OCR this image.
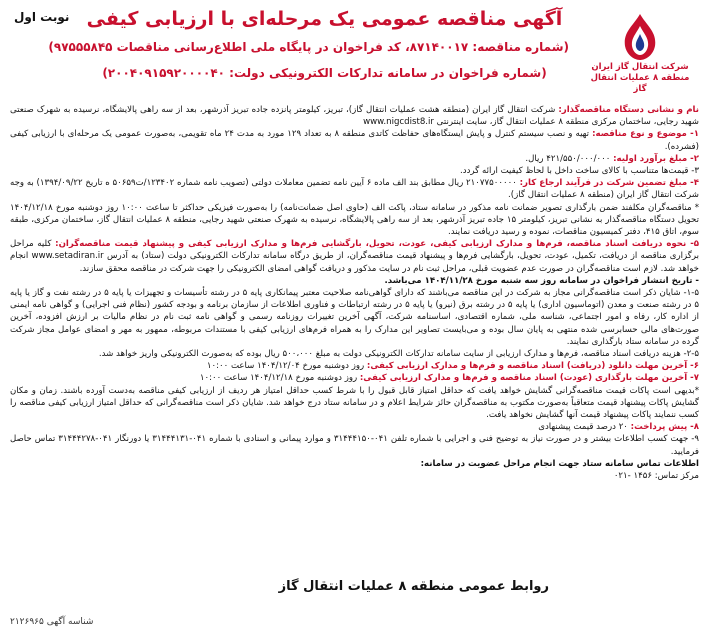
نوبت اول آگهی مناقصه عمومی یک مرحله‌ای با ارزیابی کیفی
(شماره مناقصه: ۸۷۱۴۰۰۱۷، کد فراخوان در پایگاه ملی اطلاع‌رسانی مناقصات ۹۷۵۵۵۸۴۵)
(شماره فراخوان در سامانه تدارکات الکترونیکی دولت: ۲۰۰۴۰۹۱۵۹۲۰۰۰۰۴۰)	شرکت انتقال گاز ایران
منطقه ۸ عملیات انتقال گاز

نام و نشانی دستگاه مناقصه‌گذار: شرکت انتقال گاز ایران (منطقه هشت عملیات انتقال گاز)، تبریز، کیلومتر پانزده جاده تبریز آذرشهر، بعد از سه راهی پالایشگاه، نرسیده به شهرک صنعتی شهید رجایی، ساختمان مرکزی منطقه ۸ عملیات انتقال گاز، سایت اینترنتی www.nigcdist8.ir

۱- موضوع و نوع مناقصه: تهیه و نصب سیستم کنترل و پایش ایستگاه‌های حفاظت کاتدی منطقه ۸ به تعداد ۱۲۹ مورد به مدت ۲۴ ماه تقویمی، به‌صورت عمومی یک مرحله‌ای با ارزیابی کیفی (فشرده).

۲- مبلغ برآورد اولیه: ۴۲۱/۵۵۰/۰۰۰/۰۰۰ ریال.

۳- قیمت‌ها متناسب با کالای ساخت داخل با لحاظ کیفیت ارائه گردد.

۴- مبلغ تضمین شرکت در فرآیند ارجاع کار: ۲۱۰۷۷۵۰۰۰۰۰ ریال مطابق بند الف ماده ۶ آیین نامه تضمین معاملات دولتی (تصویب نامه شماره ۱۲۳۴۰۲/ت۵۰۶۵۹ ه تاریخ ۱۳۹۴/۰۹/۲۲) به وجه شرکت انتقال گاز ایران (منطقه ۸ عملیات انتقال گاز).

* مناقصه‌گران مکلفند ضمن بارگذاری تصویر ضمانت نامه مذکور در سامانه ستاد، پاکت الف (حاوی اصل ضمانت‌نامه) را به‌صورت فیزیکی حداکثر تا ساعت ۱۰:۰۰ روز دوشنبه مورخ ۱۴۰۴/۱۲/۱۸ تحویل دستگاه مناقصه‌گذار به نشانی تبریز، کیلومتر ۱۵ جاده تبریز آذرشهر، بعد از سه راهی پالایشگاه، نرسیده به شهرک صنعتی شهید رجایی، منطقه ۸ عملیات انتقال گاز، ساختمان مرکزی، طبقه سوم، اتاق ۴۱۵، دفتر کمیسیون مناقصات، نموده و رسید دریافت نمایند.

۵- نحوه دریافت اسناد مناقصه، فرم‌ها و مدارک ارزیابی کیفی، عودت، تحویل، بارگشایی فرم‌ها و مدارک ارزیابی کیفی و پیشنهاد قیمت مناقصه‌گران: کلیه مراحل برگزاری مناقصه از دریافت، تکمیل، عودت، تحویل، بارگشایی فرم‌ها و پیشنهاد قیمت مناقصه‌گران، از طریق درگاه سامانه تدارکات الکترونیکی دولت (ستاد) به آدرس www.setadiran.ir انجام خواهد شد. لازم است مناقصه‌گران در صورت عدم عضویت قبلی، مراحل ثبت نام در سایت مذکور و دریافت گواهی امضای الکترونیکی را جهت شرکت در مناقصه محقق سازند.

- تاریخ انتشار فراخوان در سامانه روز سه شنبه مورخ ۱۴۰۴/۱۱/۲۸ می‌باشد.

۱-۵- شایان ذکر است مناقصه‌گرانی مجاز به شرکت در این مناقصه می‌باشند که دارای گواهی‌نامه صلاحیت معتبر پیمانکاری پایه ۵ در رشته تأسیسات و تجهیزات یا پایه ۵ در رشته نفت و گاز یا پایه ۵ در رشته صنعت و معدن (اتوماسیون اداری) یا پایه ۵ در رشته برق (نیرو) یا پایه ۵ در رشته ارتباطات و فناوری اطلاعات از سازمان برنامه و بودجه کشور (نظام فنی اجرایی) و گواهی نامه ایمنی از اداره کار، رفاه و امور اجتماعی، شناسه ملی، شماره اقتصادی، اساسنامه شرکت، آگهی آخرین تغییرات روزنامه رسمی و گواهی نامه ثبت نام در نظام مالیات بر ارزش افزوده، آخرین صورت‌های مالی حسابرسی شده منتهی به پایان سال بوده و می‌بایست تصاویر این مدارک را به همراه فرم‌های ارزیابی کیفی با مستندات مربوطه، ممهور به مهر و امضای عوامل مجاز شرکت گرده در سامانه ستاد بارگذاری نمایند.

۲-۵- هزینه دریافت اسناد مناقصه، فرم‌ها و مدارک ارزیابی از سایت سامانه تدارکات الکترونیکی دولت به مبلغ ۵۰۰،۰۰۰ ریال بوده که به‌صورت الکترونیکی واریز خواهد شد.

۶- آخرین مهلت دانلود (دریافت) اسناد مناقصه و فرم‌ها و مدارک ارزیابی کیفی: روز دوشنبه مورخ ۱۴۰۴/۱۲/۰۴ ساعت ۱۰:۰۰

۷- آخرین مهلت بارگذاری (عودت) اسناد مناقصه و فرم‌ها و مدارک ارزیابی کیفی: روز دوشنبه مورخ ۱۴۰۴/۱۲/۱۸ ساعت ۱۰:۰۰

*بدیهی است پاکات قیمت مناقصه‌گرانی گشایش خواهد یافت که حداقل امتیاز قابل قبول را با شرط کسب حداقل امتیاز هر ردیف از ارزیابی کیفی مناقصه به‌دست آورده باشند. زمان و مکان گشایش پاکات پیشنهاد قیمت متعاقباً به‌صورت مکتوب به مناقصه‌گران حائز شرایط اعلام و در سامانه ستاد درج خواهد شد. شایان ذکر است مناقصه‌گرانی که حداقل امتیاز ارزیابی کیفی مناقصه را کسب ننمایند پاکات پیشنهاد قیمت آنها گشایش نخواهد یافت.

۸- پیش پرداخت: ۲۰ درصد قیمت پیشنهادی

۹- جهت کسب اطلاعات بیشتر و در صورت نیاز به توضیح فنی و اجرایی با شماره تلفن ۰۴۱-۳۱۴۴۴۱۵۰ و موارد پیمانی و اسنادی با شماره ۰۴۱-۳۱۴۴۴۱۳۱ یا دورنگار ۰۴۱-۳۱۴۴۴۲۷۸ تماس حاصل فرمایید.

اطلاعات تماس سامانه ستاد جهت انجام مراحل عضویت در سامانه:

مرکز تماس: ۱۴۵۶ -۰۲۱

روابط عمومی منطقه ۸ عملیات انتقال گاز
شناسه آگهی ۲۱۲۶۹۶۵
